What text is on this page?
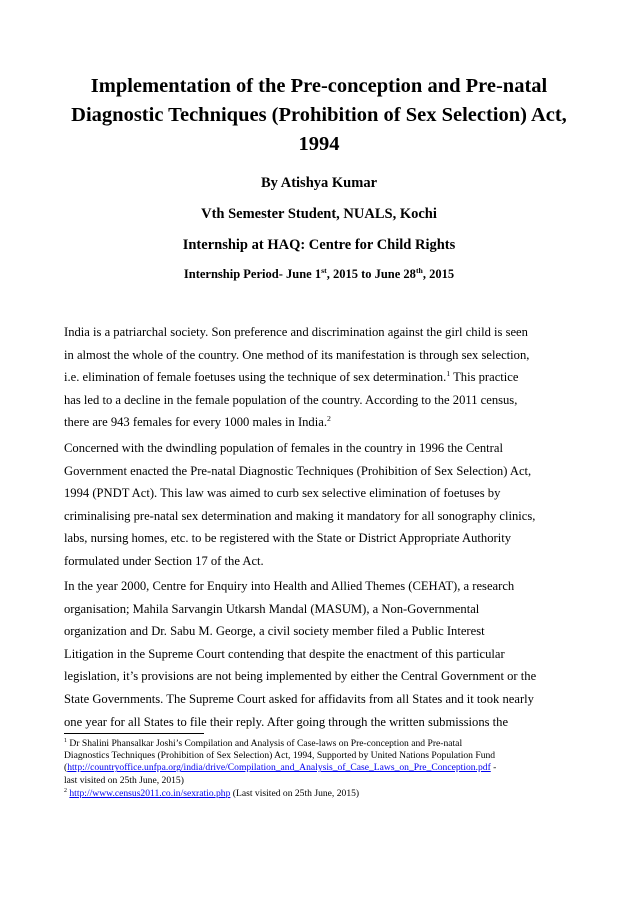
Implementation of the Pre-conception and Pre-natal Diagnostic Techniques (Prohibition of Sex Selection) Act, 1994

By Atishya Kumar

Vth Semester Student, NUALS, Kochi

Internship at HAQ: Centre for Child Rights

Internship Period- June 1st, 2015 to June 28th, 2015

India is a patriarchal society. Son preference and discrimination against the girl child is seen
in almost the whole of the country. One method of its manifestation is through sex selection,
i.e. elimination of female foetuses using the technique of sex determination.$^1$ This practice
has led to a decline in the female population of the country. According to the 2011 census,
there are 943 females for every 1000 males in India.$^2$

Concerned with the dwindling population of females in the country in 1996 the Central
Government enacted the Pre-natal Diagnostic Techniques (Prohibition of Sex Selection) Act,
1994 (PNDT Act). This law was aimed to curb sex selective elimination of foetuses by
criminalising pre-natal sex determination and making it mandatory for all sonography clinics,
labs, nursing homes, etc. to be registered with the State or District Appropriate Authority
formulated under Section 17 of the Act.

In the year 2000, Centre for Enquiry into Health and Allied Themes (CEHAT), a research
organisation; Mahila Sarvangin Utkarsh Mandal (MASUM), a Non-Governmental
organization and Dr. Sabu M. George, a civil society member filed a Public Interest
Litigation in the Supreme Court contending that despite the enactment of this particular
legislation, it’s provisions are not being implemented by either the Central Government or the
State Governments. The Supreme Court asked for affidavits from all States and it took nearly
one year for all States to file their reply. After going through the written submissions the

$^1$ Dr Shalini Phansalkar Joshi’s Compilation and Analysis of Case-laws on Pre-conception and Pre-natal
Diagnostics Techniques (Prohibition of Sex Selection) Act, 1994, Supported by United Nations Population Fund
(http://countryoffice.unfpa.org/india/drive/Compilation_and_Analysis_of_Case_Laws_on_Pre_Conception.pdf -
last visited on 25th June, 2015)

$^2$ http://www.census2011.co.in/sexratio.php (Last visited on 25th June, 2015)
